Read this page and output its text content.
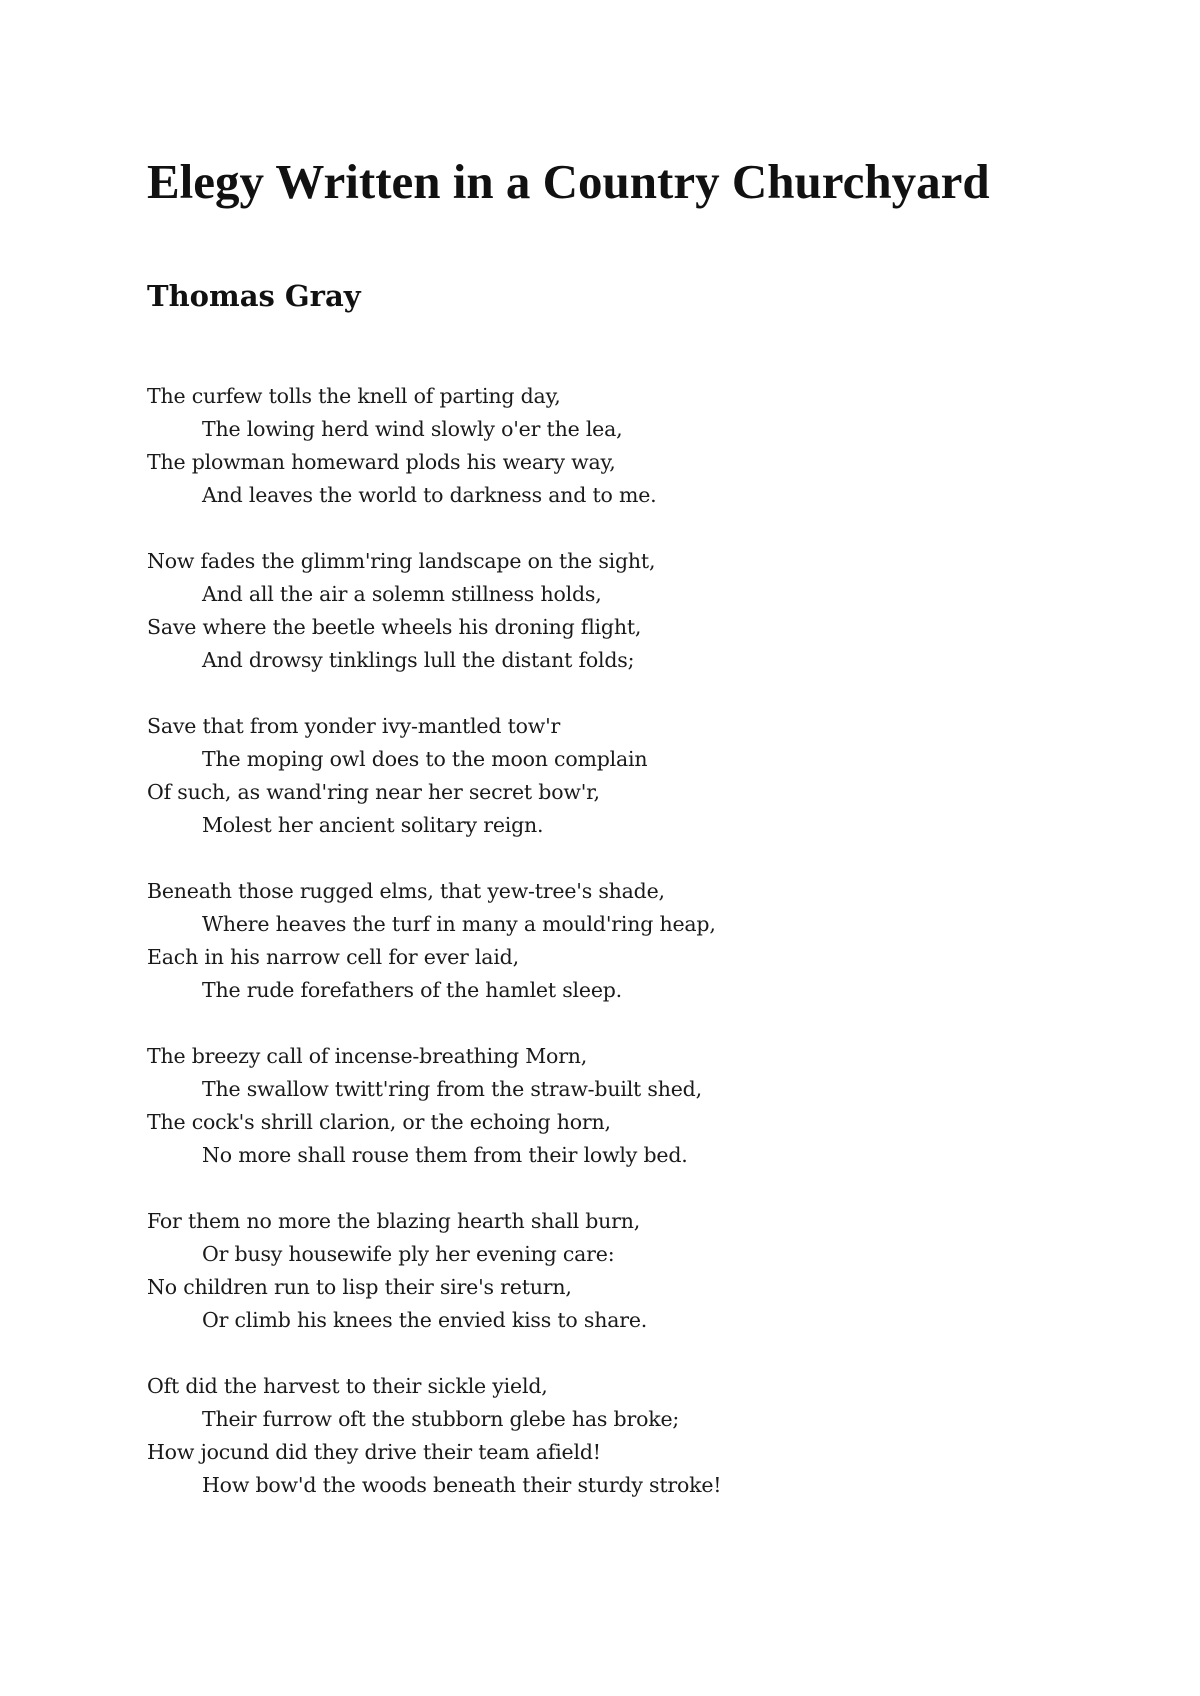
Elegy Written in a Country Churchyard
Thomas Gray
The curfew tolls the knell of parting day,
The lowing herd wind slowly o'er the lea,
The plowman homeward plods his weary way,
And leaves the world to darkness and to me.
Now fades the glimm'ring landscape on the sight,
And all the air a solemn stillness holds,
Save where the beetle wheels his droning flight,
And drowsy tinklings lull the distant folds;
Save that from yonder ivy-mantled tow'r
The moping owl does to the moon complain
Of such, as wand'ring near her secret bow'r,
Molest her ancient solitary reign.
Beneath those rugged elms, that yew-tree's shade,
Where heaves the turf in many a mould'ring heap,
Each in his narrow cell for ever laid,
The rude forefathers of the hamlet sleep.
The breezy call of incense-breathing Morn,
The swallow twitt'ring from the straw-built shed,
The cock's shrill clarion, or the echoing horn,
No more shall rouse them from their lowly bed.
For them no more the blazing hearth shall burn,
Or busy housewife ply her evening care:
No children run to lisp their sire's return,
Or climb his knees the envied kiss to share.
Oft did the harvest to their sickle yield,
Their furrow oft the stubborn glebe has broke;
How jocund did they drive their team afield!
How bow'd the woods beneath their sturdy stroke!
